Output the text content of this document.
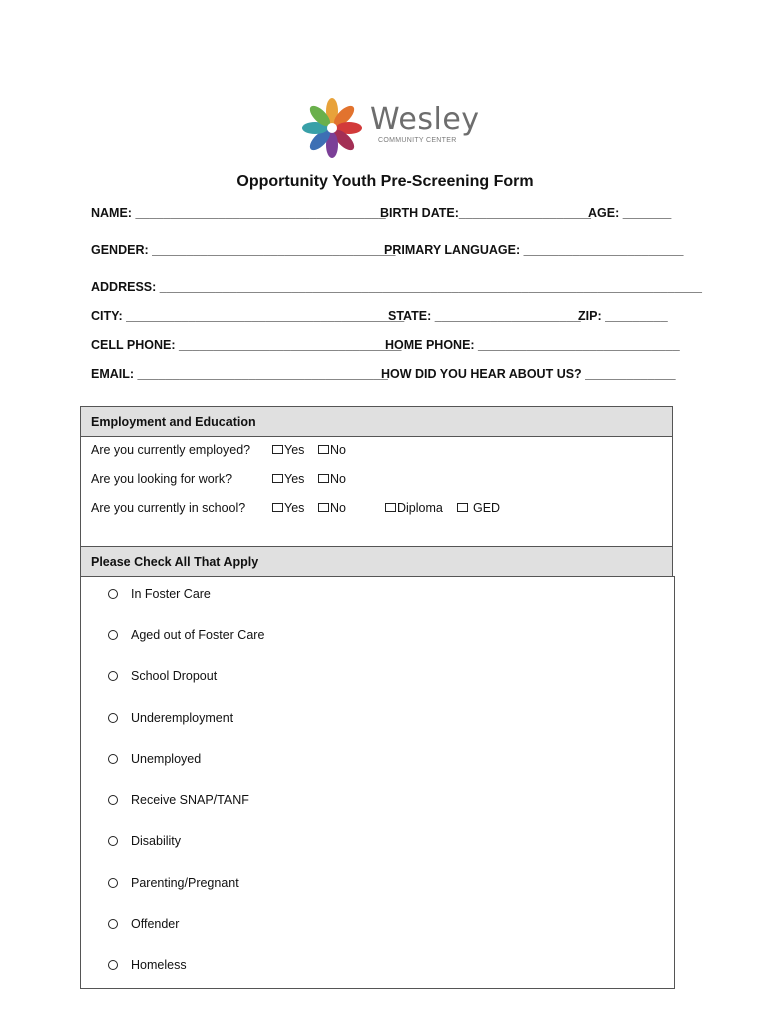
Wesley
COMMUNITY CENTER
Opportunity Youth Pre-Screening Form
NAME: ____________________________________
BIRTH DATE:___________________
AGE: _______
GENDER: ___________________________________
PRIMARY LANGUAGE: _______________________
ADDRESS: ______________________________________________________________________________
CITY: ________________________________________
STATE: _____________________
ZIP: _________
CELL PHONE: ________________________________
HOME PHONE: _____________________________
EMAIL: ____________________________________
HOW DID YOU HEAR ABOUT US? _____________
Employment and Education
Are you currently employed?	Yes No
Are you looking for work?	Yes No
Are you currently in school?	Yes No	Diploma GED
Please Check All That Apply
In Foster Care
Aged out of Foster Care
School Dropout
Underemployment
Unemployed
Receive SNAP/TANF
Disability
Parenting/Pregnant
Offender
Homeless
